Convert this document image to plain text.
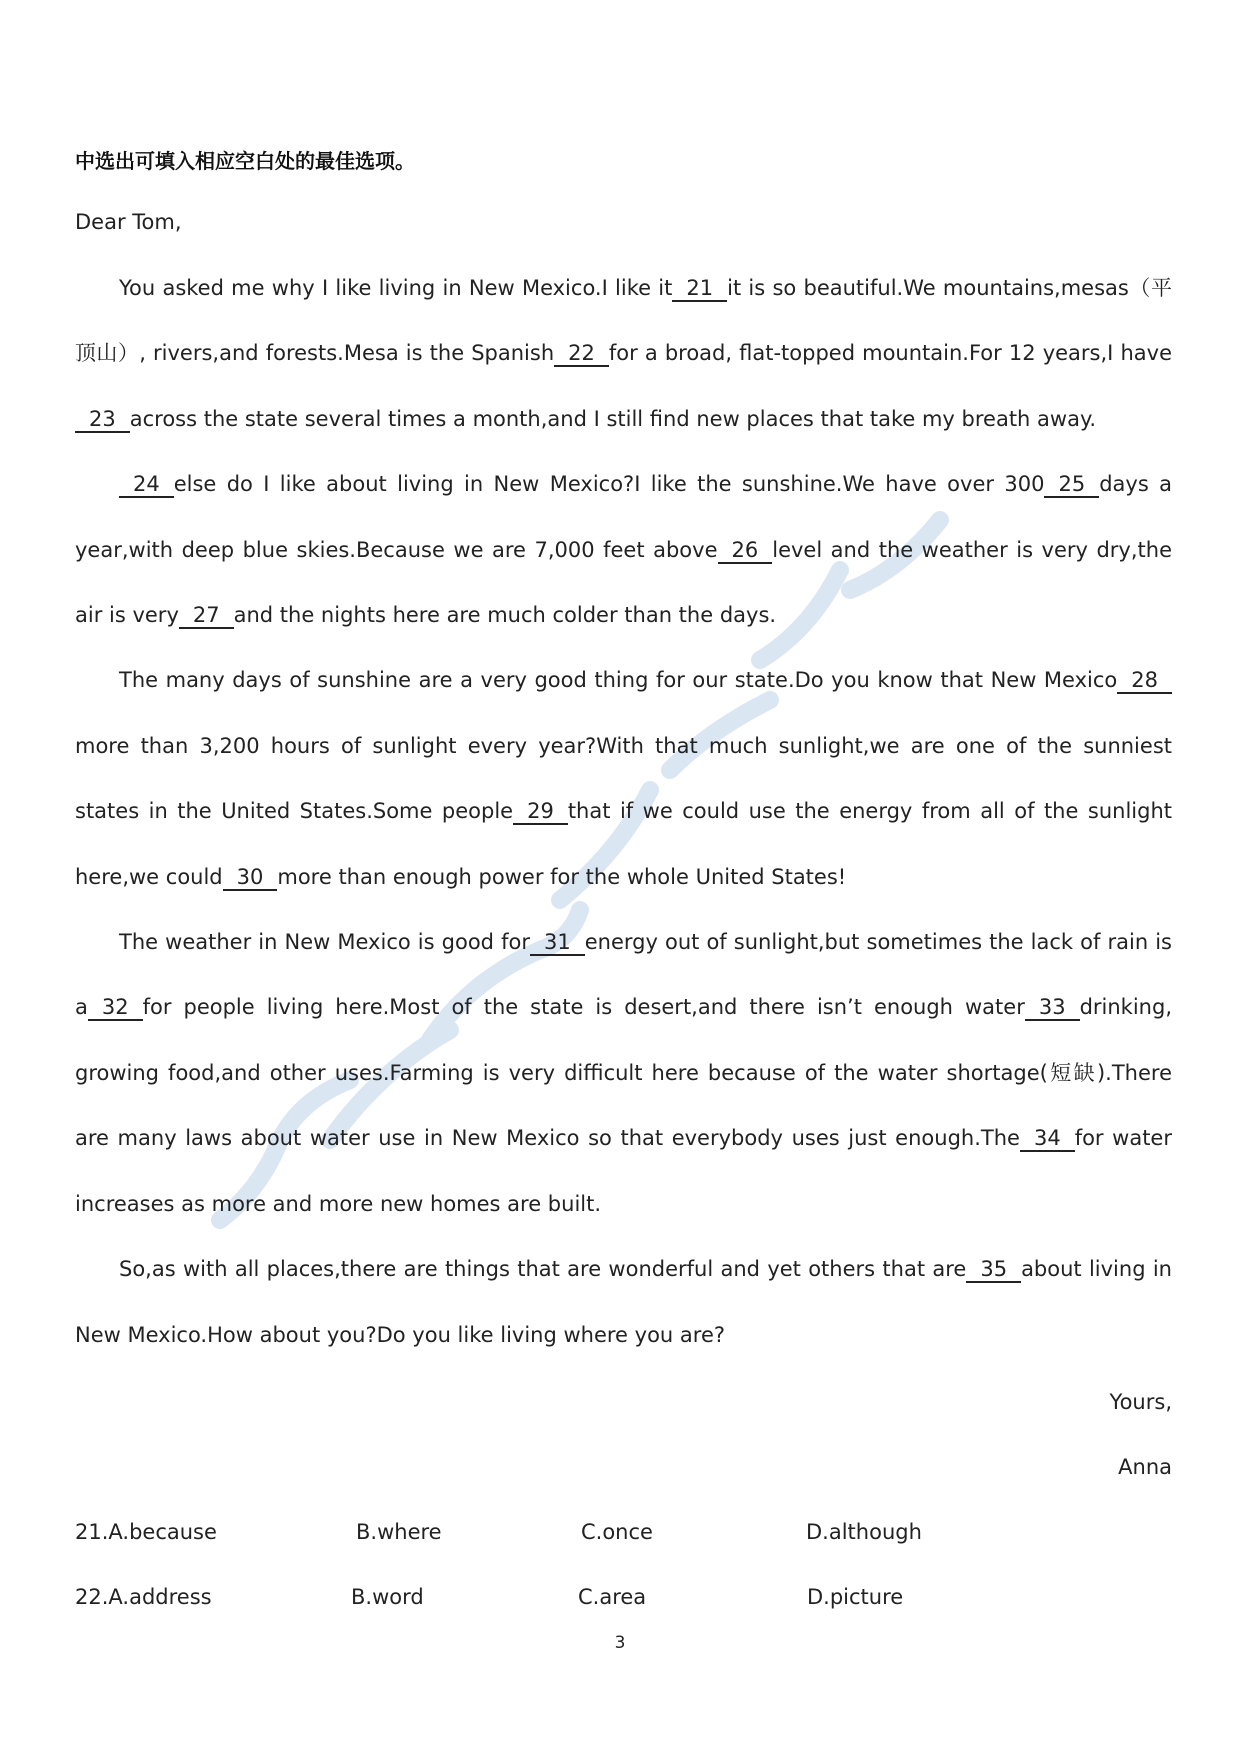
中选出可填入相应空白处的最佳选项。
Dear Tom,

You asked me why I like living in New Mexico.I like it 21 it is so beautiful.We mountains,mesas（平顶山）, rivers,and forests.Mesa is the Spanish 22 for a broad, flat-topped mountain.For 12 years,I have23 across the state several times a month,and I still find new places that take my breath away.

24 else do I like about living in New Mexico?I like the sunshine.We have over 300 25 days a year,with deep blue skies.Because we are 7,000 feet above 26 level and the weather is very dry,the air is very 27 and the nights here are much colder than the days.

The many days of sunshine are a very good thing for our state.Do you know that New Mexico 28more than 3,200 hours of sunlight every year?With that much sunlight,we are one of the sunniest states in the United States.Some people 29 that if we could use the energy from all of the sunlight here,we could 30 more than enough power for the whole United States!

The weather in New Mexico is good for 31 energy out of sunlight,but sometimes the lack of rain is a 32 for people living here.Most of the state is desert,and there isn’t enough water 33 drinking, growing food,and other uses.Farming is very difficult here because of the water shortage(短缺).There are many laws about water use in New Mexico so that everybody uses just enough.The 34 for water increases as more and more new homes are built.

So,as with all places,there are things that are wonderful and yet others that are 35 about living in New Mexico.How about you?Do you like living where you are?

Yours,
Anna
21.A.because	B.where	C.once	D.although
22.A.address	B.word	C.area	D.picture
3
